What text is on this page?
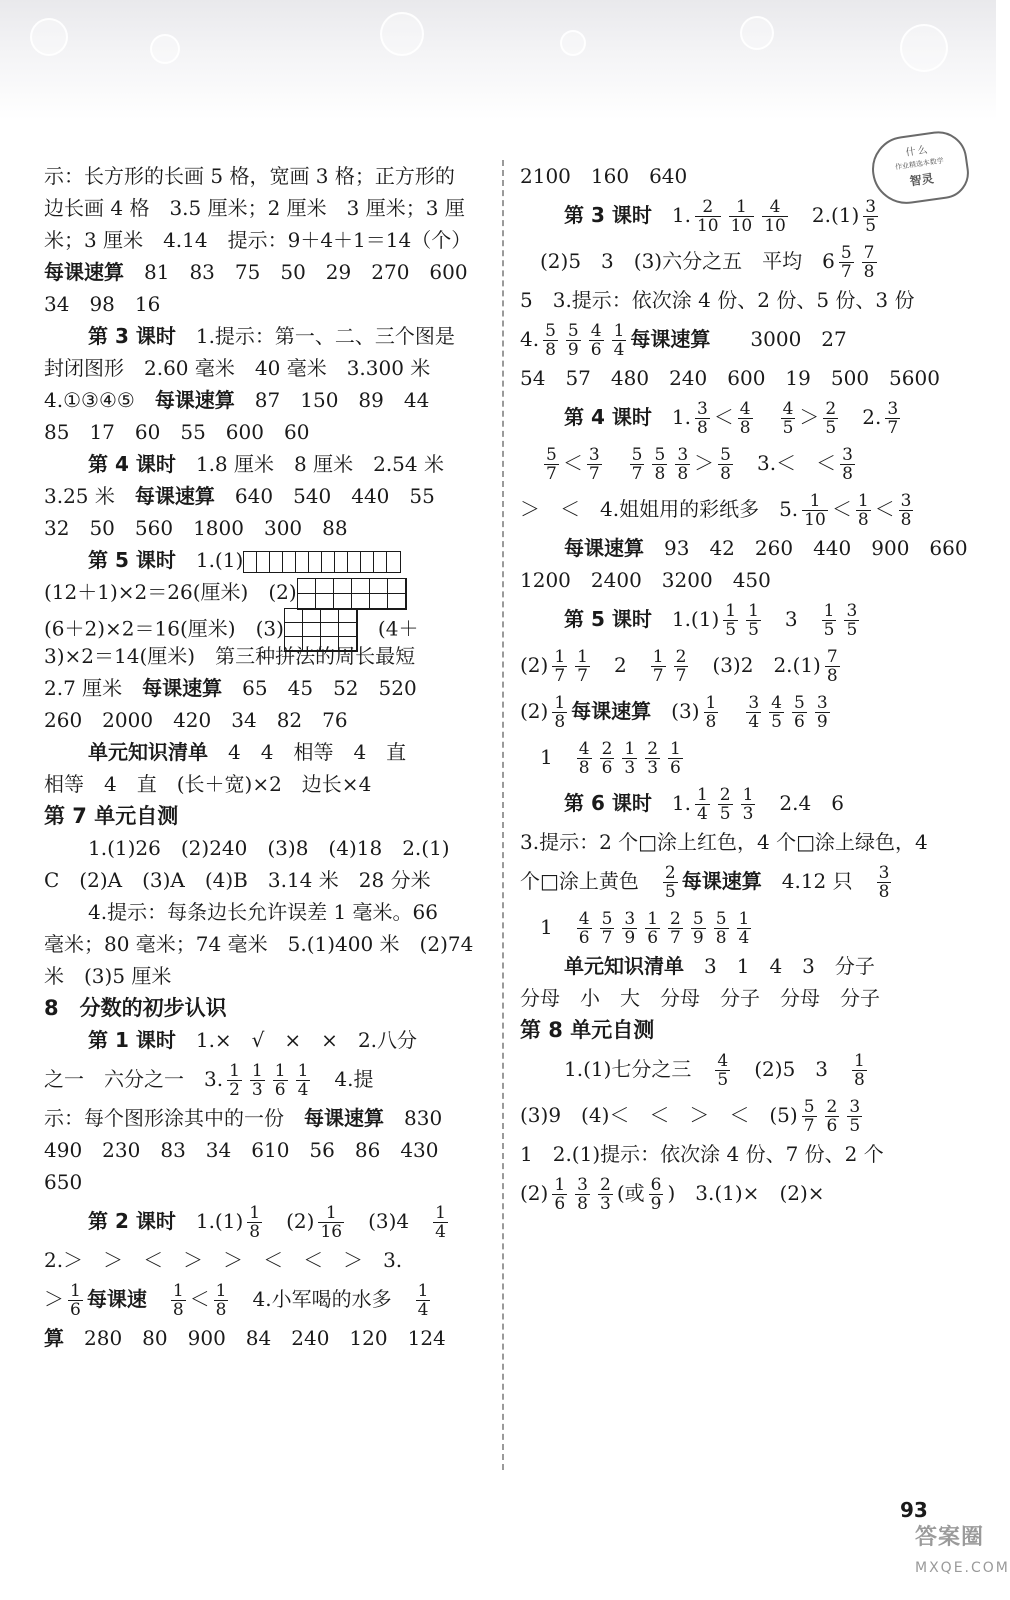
什么
作业精选本数学
智灵
示：长方形的长画 5 格，宽画 3 格；正方形的
边长画 4 格　3.5 厘米；2 厘米　3 厘米；3 厘
米；3 厘米　4.14　提示：9＋4＋1＝14（个）
每课速算　81　83　75　50　29　270　600
34　98　16
第 3 课时　1.提示：第一、二、三个图是
封闭图形　2.60 毫米　40 毫米　3.300 米
4.①③④⑤　每课速算　87　150　89　44
85　17　60　55　600　60
第 4 课时　1.8 厘米　8 厘米　2.54 米
3.25 米　每课速算　640　540　440　55
32　50　560　1800　300　88
第 5 课时　1.(1)
(12＋1)×2＝26(厘米)　(2)
(6＋2)×2＝16(厘米)　(3)	　(4＋
3)×2＝14(厘米)　第三种拼法的周长最短
2.7 厘米　每课速算　65　45　52　520
260　2000　420　34　82　76
单元知识清单　4　4　相等　4　直
相等　4　直　(长＋宽)×2　边长×4
第 7 单元自测
1.(1)26　(2)240　(3)8　(4)18　2.(1)
C　(2)A　(3)A　(4)B　3.14 米　28 分米
4.提示：每条边长允许误差 1 毫米。66
毫米；80 毫米；74 毫米　5.(1)400 米　(2)74
米　(3)5 厘米
8　分数的初步认识
第 1 课时　1.×　√　×　×　2.八分
之一　六分之一　3. $\frac{1}{2} \frac{1}{3} \frac{1}{6} \frac{1}{4}$ 　4.提
示：每个图形涂其中的一份　每课速算　830
490　230　83　34　610　56　86　430
650
第 2 课时　$1.(1) \frac{1}{8}$ 　$(2) \frac{1}{16}$ 　(3)4　 $\frac{1}{4}$
2.＞　＞　＜　＞　＞　＜　＜　＞　3.
＞ $\frac{1}{6}$ 每课速　 $\frac{1}{8} < \frac{1}{8}$ 　4.小军喝的水多　 $\frac{1}{4}$
算　280　80　900　84　240　120　124
2100　160　640
第 3 课时　1. $\frac{2}{10} \frac{1}{10} \frac{4}{10}$ 　$2.(1) \frac{3}{5}$
　(2)5　3　(3)六分之五　平均　$6 \frac{5}{7} \frac{7}{8}$
5　3.提示：依次涂 4 份、2 份、5 份、3 份
4. $\frac{5}{8} \frac{5}{9} \frac{4}{6} \frac{1}{4}$ 每课速算　　3000　27
54　57　480　240　600　19　500　5600
第 4 课时　1. $\frac{3}{8} < \frac{4}{8}$
　 $\frac{4}{5} > \frac{2}{5}$ 　2. $\frac{3}{7}$

$\frac{5}{7} < \frac{3}{7}$
　 $\frac{5}{7} \frac{5}{8} \frac{3}{8} > \frac{5}{8}$ 　3.＜　＜ $\frac{3}{8}$
＞　＜　4.姐姐用的彩纸多　5. $\frac{1}{10} < \frac{1}{8} < \frac{3}{8}$
每课速算　93　42　260　440　900　660
1200　2400　3200　450
第 5 课时　$1.(1) \frac{1}{5} \frac{1}{5}$ 　3　 $\frac{1}{5} \frac{3}{5}$
$(2) \frac{1}{7} \frac{1}{7}$ 　2　 $\frac{1}{7} \frac{2}{7}$ 　(3)2　$2.(1) \frac{7}{8}$
$(2) \frac{1}{8}$ 每课速算　$(3) \frac{1}{8}$
　 $\frac{3}{4} \frac{4}{5} \frac{5}{6} \frac{3}{9}$

　1　 $\frac{4}{8} \frac{2}{6} \frac{1}{3} \frac{2}{3} \frac{1}{6}$
第 6 课时　1. $\frac{1}{4} \frac{2}{5} \frac{1}{3}$ 　2.4　6
3.提示：2 个□涂上红色，4 个□涂上绿色，4
个□涂上黄色　 $\frac{2}{5}$ 每课速算　4.12 只　 $\frac{3}{8}$

　1　 $\frac{4}{6} \frac{5}{7} \frac{3}{9} \frac{1}{6} \frac{2}{7} \frac{5}{9} \frac{5}{8} \frac{1}{4}$
单元知识清单　3　1　4　3　分子
分母　小　大　分母　分子　分母　分子
第 8 单元自测
1.(1)七分之三　 $\frac{4}{5}$ 　(2)5　3　 $\frac{1}{8}$
(3)9　(4)＜　＜　＞　＜　$(5) \frac{5}{7} \frac{2}{6} \frac{3}{5}$
1　2.(1)提示：依次涂 4 份、7 份、2 个
$(2) \frac{1}{6} \frac{3}{8} \frac{2}{3}$ (或 $\frac{6}{9}$ )　3.(1)×　(2)×
93
答案圈
MXQE.COM
